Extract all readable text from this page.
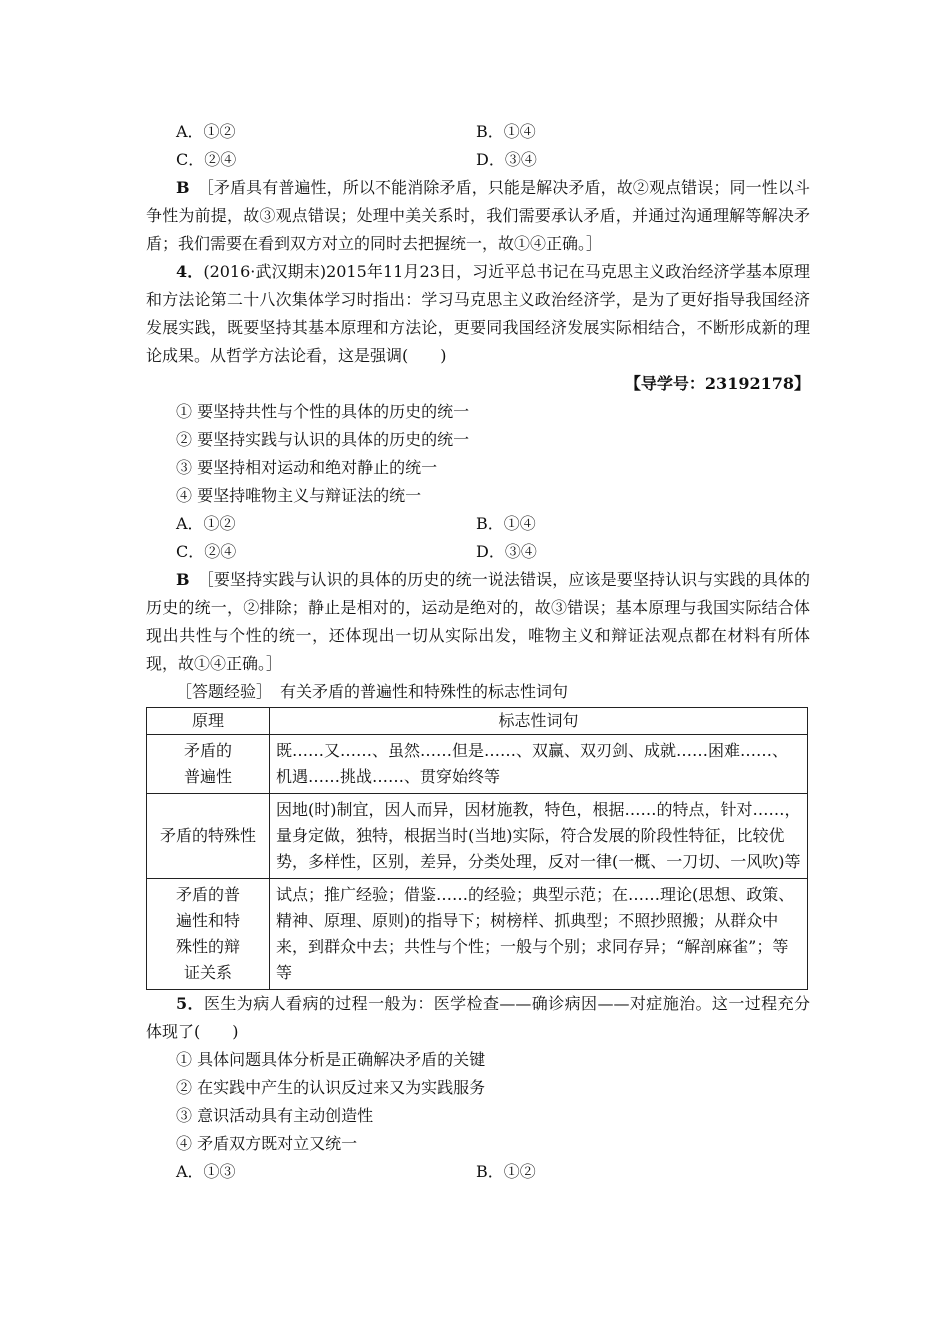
A．①②	B．①④
C．②④	D．③④

B　 ［矛盾具有普遍性，所以不能消除矛盾，只能是解决矛盾，故②观点错误；同一性以斗争性为前提，故③观点错误；处理中美关系时，我们需要承认矛盾，并通过沟通理解等解决矛盾；我们需要在看到双方对立的同时去把握统一，故①④正确。］

4．(2016·武汉期末)2015年11月23日，习近平总书记在马克思主义政治经济学基本原理和方法论第二十八次集体学习时指出：学习马克思主义政治经济学，是为了更好指导我国经济发展实践，既要坚持其基本原理和方法论，更要同我国经济发展实际相结合，不断形成新的理论成果。从哲学方法论看，这是强调(　　)

【导学号：23192178】
① 要坚持共性与个性的具体的历史的统一
② 要坚持实践与认识的具体的历史的统一
③ 要坚持相对运动和绝对静止的统一
④ 要坚持唯物主义与辩证法的统一
A．①②	B．①④
C．②④	D．③④

B　 ［要坚持实践与认识的具体的历史的统一说法错误，应该是要坚持认识与实践的具体的历史的统一，②排除；静止是相对的，运动是绝对的，故③错误；基本原理与我国实际结合体现出共性与个性的统一，还体现出一切从实际出发，唯物主义和辩证法观点都在材料有所体现，故①④正确。］

［答题经验］　有关矛盾的普遍性和特殊性的标志性词句
原理	标志性词句
矛盾的
普遍性	既……又……、虽然……但是……、双赢、双刃剑、成就……困难……、机遇……挑战……、贯穿始终等
矛盾的特殊性	因地(时)制宜，因人而异，因材施教，特色，根据……的特点，针对……，量身定做，独特，根据当时(当地)实际，符合发展的阶段性特征，比较优势，多样性，区别，差异，分类处理，反对一律(一概、一刀切、一风吹)等
矛盾的普
遍性和特
殊性的辩
证关系	试点；推广经验；借鉴……的经验；典型示范；在……理论(思想、政策、精神、原理、原则)的指导下；树榜样、抓典型；不照抄照搬；从群众中来，到群众中去；共性与个性；一般与个别；求同存异；“解剖麻雀”；等等

5．医生为病人看病的过程一般为：医学检查——确诊病因——对症施治。这一过程充分体现了(　　)

① 具体问题具体分析是正确解决矛盾的关键
② 在实践中产生的认识反过来又为实践服务
③ 意识活动具有主动创造性
④ 矛盾双方既对立又统一
A．①③	B．①②
